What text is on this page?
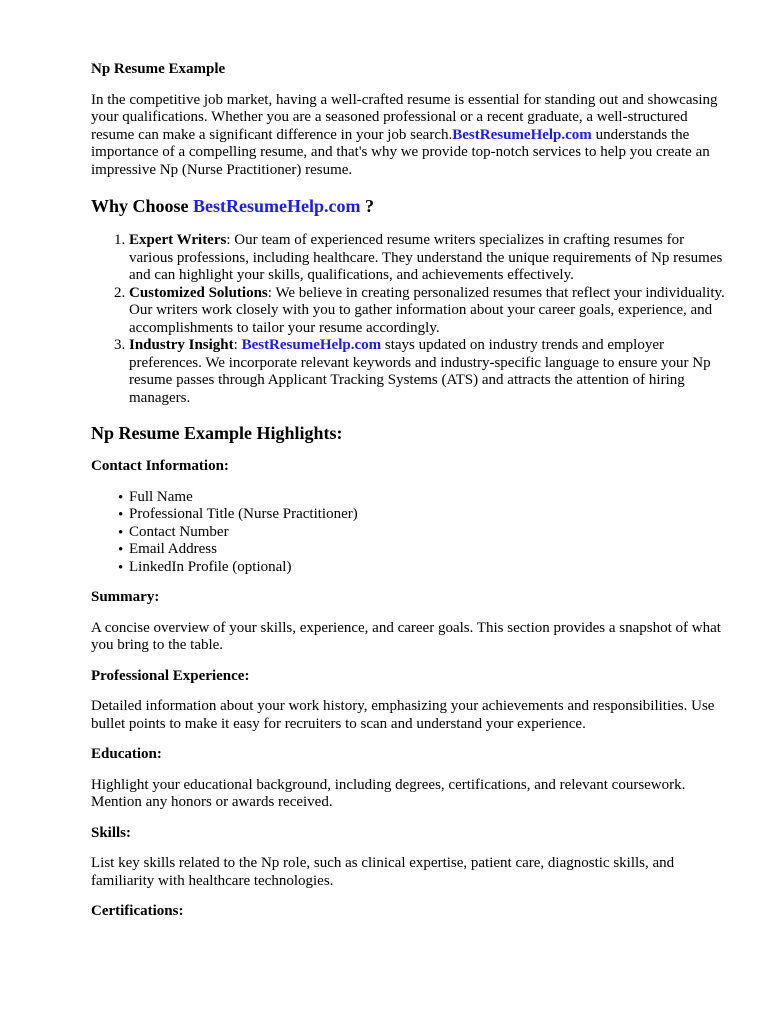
Np Resume Example

In the competitive job market, having a well-crafted resume is essential for standing out and showcasing your qualifications. Whether you are a seasoned professional or a recent graduate, a well-structured resume can make a significant difference in your job search.BestResumeHelp.com understands the importance of a compelling resume, and that's why we provide top-notch services to help you create an impressive Np (Nurse Practitioner) resume.

Why Choose BestResumeHelp.com ?
1. Expert Writers: Our team of experienced resume writers specializes in crafting resumes for various professions, including healthcare. They understand the unique requirements of Np resumes and can highlight your skills, qualifications, and achievements effectively.
2. Customized Solutions: We believe in creating personalized resumes that reflect your individuality. Our writers work closely with you to gather information about your career goals, experience, and accomplishments to tailor your resume accordingly.
3. Industry Insight: BestResumeHelp.com stays updated on industry trends and employer preferences. We incorporate relevant keywords and industry-specific language to ensure your Np resume passes through Applicant Tracking Systems (ATS) and attracts the attention of hiring managers.
Np Resume Example Highlights:
Contact Information:
• Full Name
• Professional Title (Nurse Practitioner)
• Contact Number
• Email Address
• LinkedIn Profile (optional)
Summary:

A concise overview of your skills, experience, and career goals. This section provides a snapshot of what you bring to the table.

Professional Experience:

Detailed information about your work history, emphasizing your achievements and responsibilities. Use bullet points to make it easy for recruiters to scan and understand your experience.

Education:

Highlight your educational background, including degrees, certifications, and relevant coursework. Mention any honors or awards received.

Skills:

List key skills related to the Np role, such as clinical expertise, patient care, diagnostic skills, and familiarity with healthcare technologies.

Certifications:
